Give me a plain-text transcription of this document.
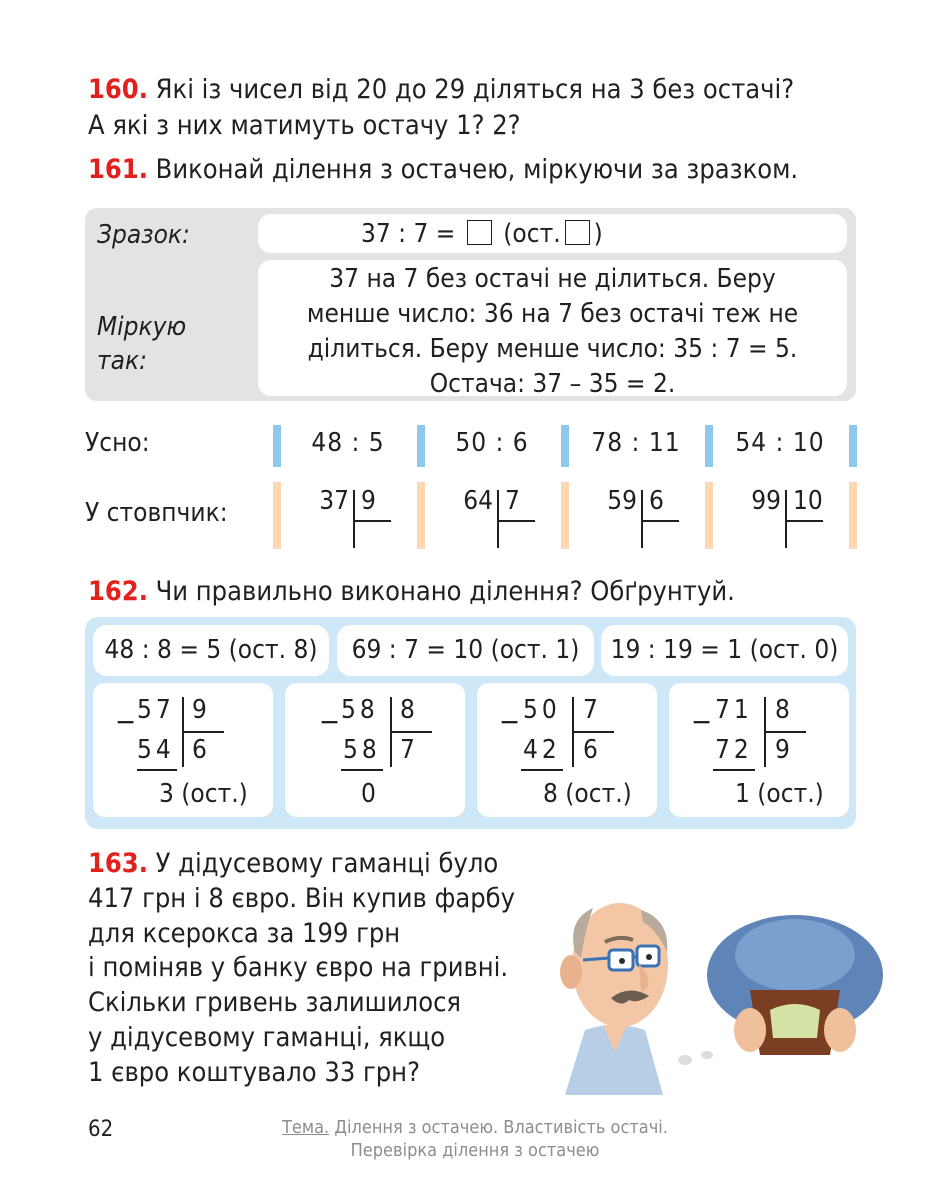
160. Які із чисел від 20 до 29 діляться на 3 без остачі?
А які з них матимуть остачу 1? 2?
161. Виконай ділення з остачею, міркуючи за зразком.
Зразок:	37 : 7 = (ост. )
Міркую
так:
37 на 7 без остачі не ділиться. Беру
менше число: 36 на 7 без остачі теж не
ділиться. Беру менше число: 35 : 7 = 5.
Остача: 37 – 35 = 2.
Усно:	48 : 5	50 : 6	78 : 11	54 : 10
У стовпчик:	37 9	64 7	59 6	99 10
162. Чи правильно виконано ділення? Обґрунтуй.
48 : 8 = 5 (ост. 8)	69 : 7 = 10 (ост. 1)	19 : 19 = 1 (ост. 0)
− 57 9
54 6
3 (ост.)
− 58 8
58 7
0
− 50 7
42 6
8 (ост.)
− 71 8
72 9
1 (ост.)
163. У дідусевому гаманці було
417 грн і 8 євро. Він купив фарбу
для ксерокса за 199 грн
і поміняв у банку євро на гривні.
Скільки гривень залишилося
у дідусевому гаманці, якщо
1 євро коштувало 33 грн?
62	Тема. Ділення з остачею. Властивість остачі.
Перевірка ділення з остачею
